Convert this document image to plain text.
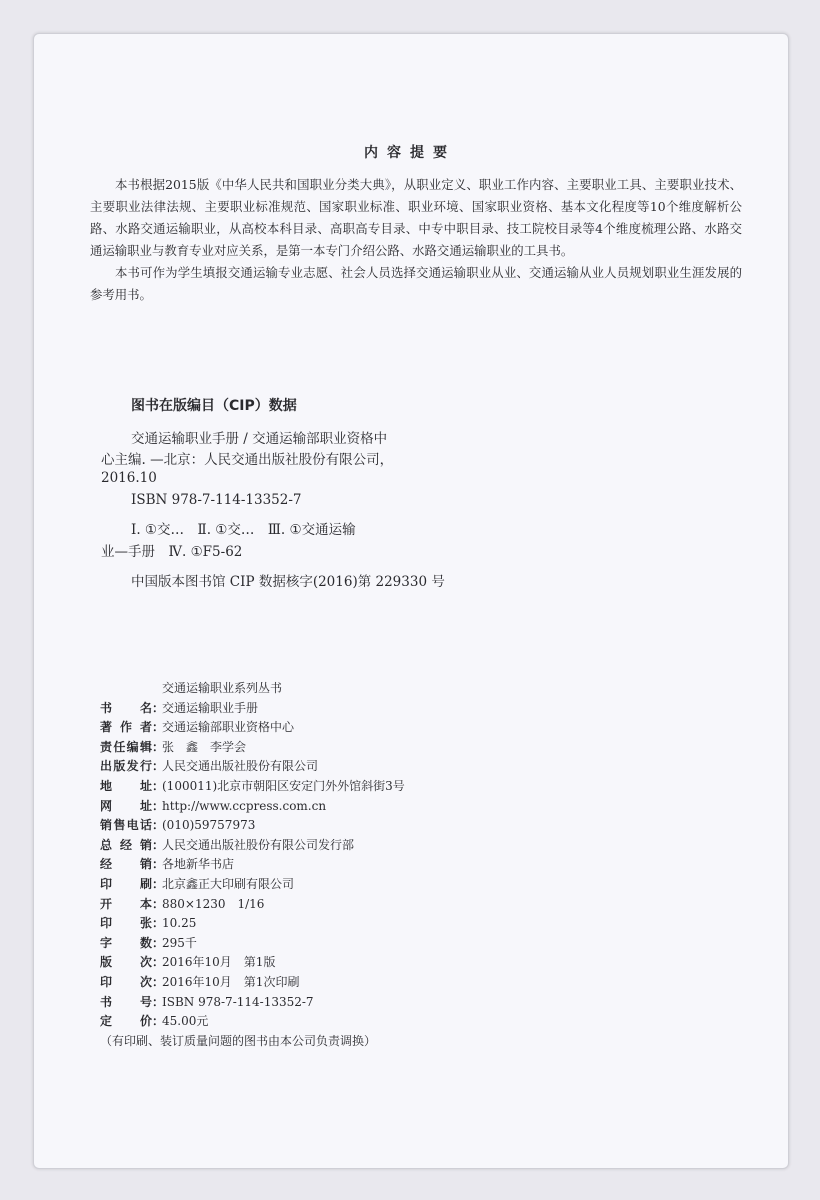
内容提要

本书根据2015版《中华人民共和国职业分类大典》，从职业定义、职业工作内容、主要职业工具、主要职业技术、主要职业法律法规、主要职业标准规范、国家职业标准、职业环境、国家职业资格、基本文化程度等10个维度解析公路、水路交通运输职业，从高校本科目录、高职高专目录、中专中职目录、技工院校目录等4个维度梳理公路、水路交通运输职业与教育专业对应关系，是第一本专门介绍公路、水路交通运输职业的工具书。

本书可作为学生填报交通运输专业志愿、社会人员选择交通运输职业从业、交通运输从业人员规划职业生涯发展的参考用书。

图书在版编目（CIP）数据
交通运输职业手册 / 交通运输部职业资格中
心主编. —北京：人民交通出版社股份有限公司，
2016.10
ISBN 978-7-114-13352-7
Ⅰ. ①交…　Ⅱ. ①交…　Ⅲ. ①交通运输
业—手册　Ⅳ. ①F5-62
中国版本图书馆 CIP 数据核字(2016)第 229330 号
交通运输职业系列丛书
书名 ：
交通运输职业手册
著作者 ：
交通运输部职业资格中心
责任编辑 ：
张　鑫　李学会
出版发行 ：
人民交通出版社股份有限公司
地址 ：
(100011)北京市朝阳区安定门外外馆斜街3号
网址 ：
http://www.ccpress.com.cn
销售电话 ：
(010)59757973
总经销 ：
人民交通出版社股份有限公司发行部
经销 ：
各地新华书店
印刷 ：
北京鑫正大印刷有限公司
开本 ：
880×1230　1/16
印张 ：
10.25
字数 ：
295千
版次 ：
2016年10月　第1版
印次 ：
2016年10月　第1次印刷
书号 ：
ISBN 978-7-114-13352-7
定价 ：
45.00元
（有印刷、装订质量问题的图书由本公司负责调换）
